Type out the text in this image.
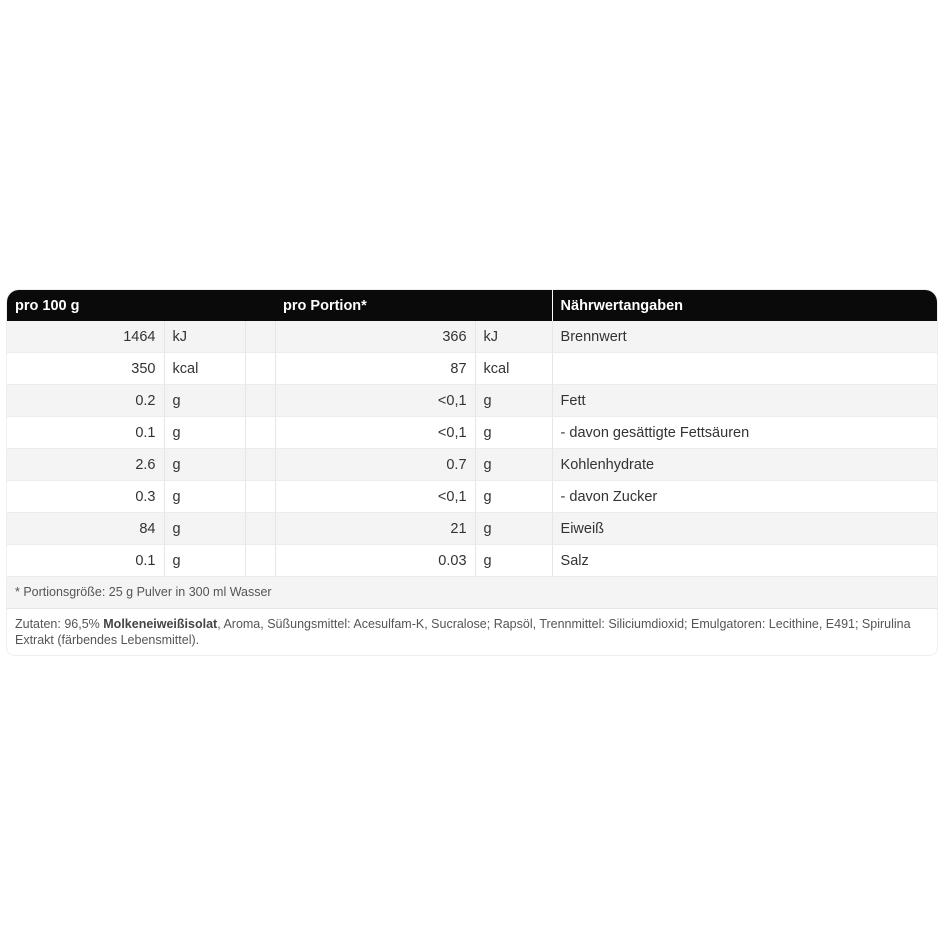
pro 100 g			pro Portion*		Nährwertangaben
1464	kJ		366	kJ	Brennwert
350	kcal		87	kcal	
0.2	g		<0,1	g	Fett
0.1	g		<0,1	g	- davon gesättigte Fettsäuren
2.6	g		0.7	g	Kohlenhydrate
0.3	g		<0,1	g	- davon Zucker
84	g		21	g	Eiweiß
0.1	g		0.03	g	Salz
* Portionsgröße: 25 g Pulver in 300 ml Wasser
Zutaten: 96,5% Molkeneiweißisolat, Aroma, Süßungsmittel: Acesulfam-K, Sucralose; Rapsöl, Trennmittel: Siliciumdioxid; Emulgatoren: Lecithine, E491; Spirulina Extrakt (färbendes Lebensmittel).
